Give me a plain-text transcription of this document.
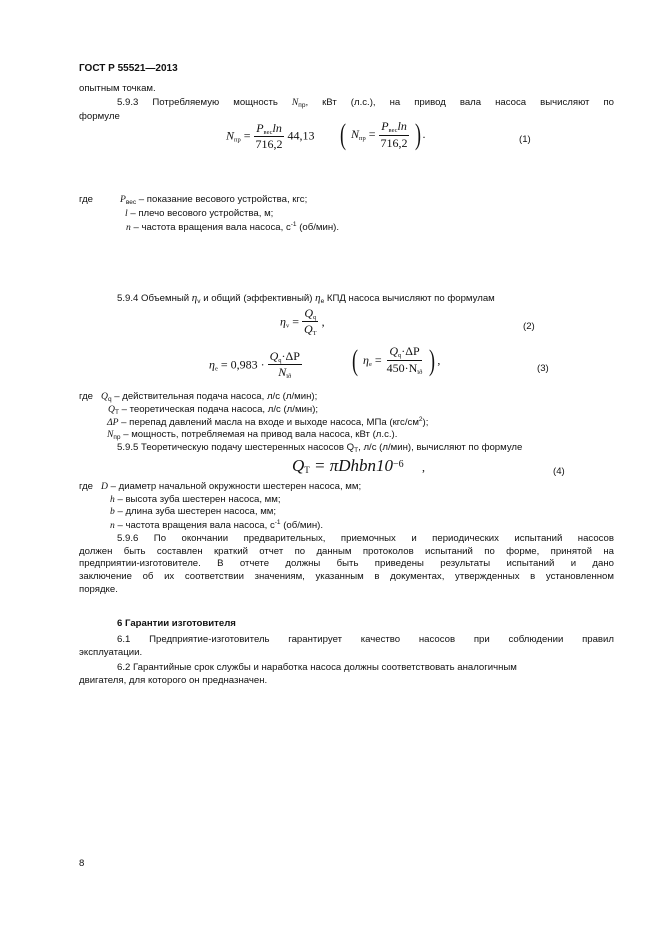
ГОСТ Р 55521—2013
опытным точкам.
5.9.3 Потребляемую мощность $N_{пр}$, кВт (л.с.), на привод вала насоса вычисляют по
формуле
$N_{пр} = \frac{P_{вес}\ln}{716,2} 44,13$ ( $N_{пр} = \frac{P_{вес}\ln}{716,2}$ ) .	(1)
где	$P_{вес}$ – показание весового устройства, кгс;
l – плечо весового устройства, м;
n – частота вращения вала насоса, $с^{-1}$ (об/мин).
5.9.4 Объемный $\eta_v$ и общий (эффективный) $\eta_e$ КПД насоса вычисляют по формулам
$\eta_v = \frac{Q_q}{Q_T}$ ,	(2)
$\eta_e = 0,983 \cdot \frac{Q_q\cdot\Delta P}{N_{ïð}}$ ( $\eta_e = \frac{Q_q\cdot\Delta P}{450\cdot N_{ïð}}$ ) ,
(3)
где $Q_q$ – действительная подача насоса, л/с (л/мин);
$Q_T$ – теоретическая подача насоса, л/с (л/мин);
ΔP – перепад давлений масла на входе и выходе насоса, МПа $(кгс/см^2)$;
$N_{пр}$ – мощность, потребляемая на привод вала насоса, кВт (л.с.).
5.9.5 Теоретическую подачу шестеренных насосов $Q_T$, л/с (л/мин), вычисляют по формуле
$Q_T$ = $\pi Dhbn10^{-6}$ ,	(4)
где D – диаметр начальной окружности шестерен насоса, мм;
h – высота зуба шестерен насоса, мм;
b – длина зуба шестерен насоса, мм;
n – частота вращения вала насоса, $с^{-1}$ (об/мин).
5.9.6 По окончании предварительных, приемочных и периодических испытаний насосов
должен быть составлен краткий отчет по данным протоколов испытаний по форме, принятой на
предприятии-изготовителе. В отчете должны быть приведены результаты испытаний и дано
заключение об их соответствии значениям, указанным в документах, утвержденных в установленном
порядке.
6 Гарантии изготовителя
6.1 Предприятие-изготовитель гарантирует качество насосов при соблюдении правил
эксплуатации.
6.2 Гарантийные срок службы и наработка насоса должны соответствовать аналогичным
двигателя, для которого он предназначен.
8
